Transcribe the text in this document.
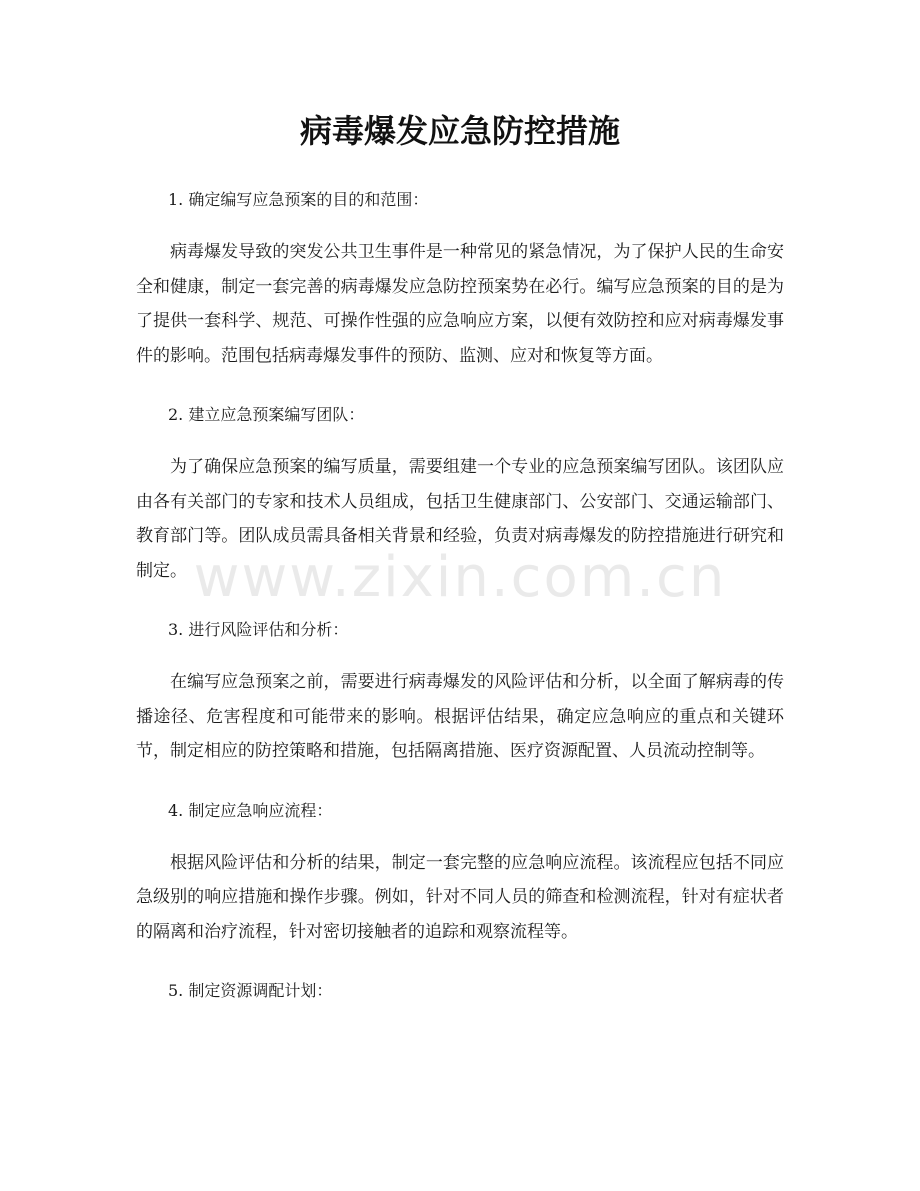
病毒爆发应急防控措施

1. 确定编写应急预案的目的和范围：

病毒爆发导致的突发公共卫生事件是一种常见的紧急情况，为了保护人民的生命安全和健康，制定一套完善的病毒爆发应急防控预案势在必行。编写应急预案的目的是为了提供一套科学、规范、可操作性强的应急响应方案，以便有效防控和应对病毒爆发事件的影响。范围包括病毒爆发事件的预防、监测、应对和恢复等方面。

2. 建立应急预案编写团队：

为了确保应急预案的编写质量，需要组建一个专业的应急预案编写团队。该团队应由各有关部门的专家和技术人员组成，包括卫生健康部门、公安部门、交通运输部门、教育部门等。团队成员需具备相关背景和经验，负责对病毒爆发的防控措施进行研究和制定。

3. 进行风险评估和分析：

在编写应急预案之前，需要进行病毒爆发的风险评估和分析，以全面了解病毒的传播途径、危害程度和可能带来的影响。根据评估结果，确定应急响应的重点和关键环节，制定相应的防控策略和措施，包括隔离措施、医疗资源配置、人员流动控制等。

4. 制定应急响应流程：

根据风险评估和分析的结果，制定一套完整的应急响应流程。该流程应包括不同应急级别的响应措施和操作步骤。例如，针对不同人员的筛查和检测流程，针对有症状者的隔离和治疗流程，针对密切接触者的追踪和观察流程等。

5. 制定资源调配计划：

www.zixin.com.cn
